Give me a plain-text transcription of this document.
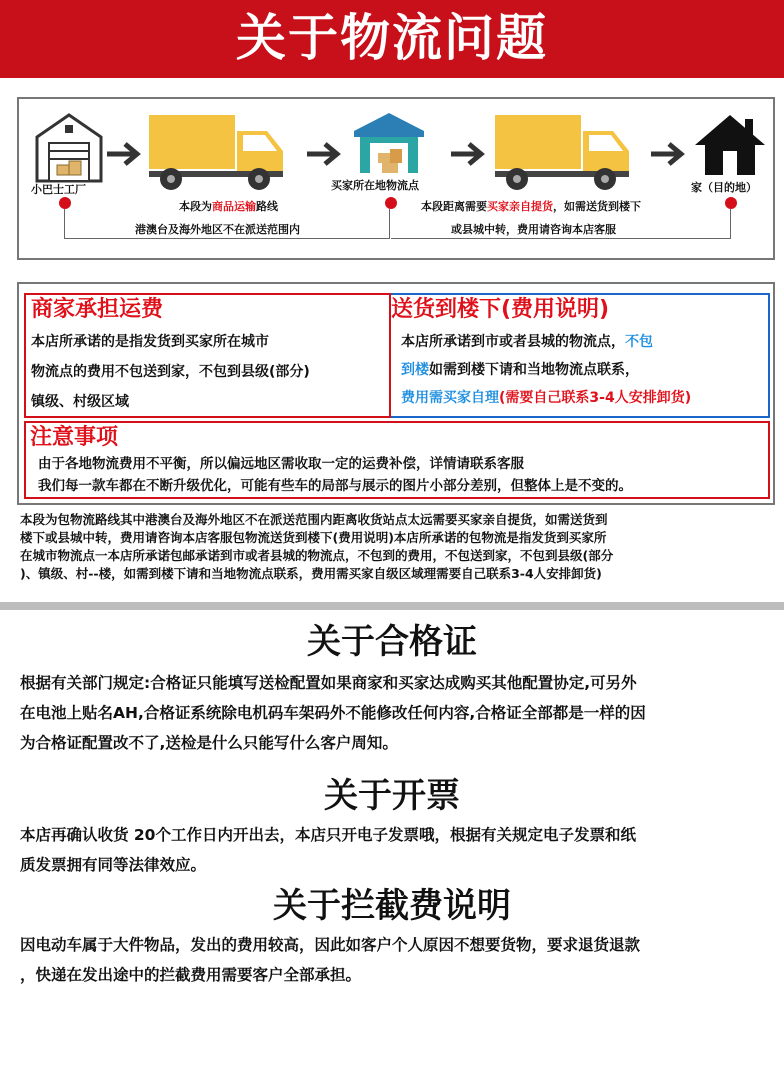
关于物流问题
小巴士工厂	买家所在地物流点	家（目的地）
本段为商品运输路线
港澳台及海外地区不在派送范围内
本段距离需要买家亲自提货，如需送货到楼下
或县城中转，费用请咨询本店客服
商家承担运费
本店所承诺的是指发货到买家所在城市
物流点的费用不包送到家，不包到县级(部分)
镇级、村级区域
送货到楼下(费用说明)
本店所承诺到市或者县城的物流点，不包
到楼如需到楼下请和当地物流点联系，
费用需买家自理(需要自己联系3-4人安排卸货)
注意事项
由于各地物流费用不平衡，所以偏远地区需收取一定的运费补偿，详情请联系客服
我们每一款车都在不断升级优化，可能有些车的局部与展示的图片小部分差别，但整体上是不变的。
本段为包物流路线其中港澳台及海外地区不在派送范围内距离收货站点太远需要买家亲自提货，如需送货到
楼下或县城中转，费用请咨询本店客服包物流送货到楼下(费用说明)本店所承诺的包物流是指发货到买家所
在城市物流点一本店所承诺包邮承诺到市或者县城的物流点，不包到的费用，不包送到家，不包到县级(部分
)、镇级、村--楼，如需到楼下请和当地物流点联系，费用需买家自级区域理需要自己联系3-4人安排卸货)
关于合格证
根据有关部门规定:合格证只能填写送检配置如果商家和买家达成购买其他配置协定,可另外
在电池上贴名AH,合格证系统除电机码车架码外不能修改任何内容,合格证全部都是一样的因
为合格证配置改不了,送检是什么只能写什么客户周知。
关于开票
本店再确认收货 20个工作日内开出去，本店只开电子发票哦，根据有关规定电子发票和纸
质发票拥有同等法律效应。
关于拦截费说明
因电动车属于大件物品，发出的费用较高，因此如客户个人原因不想要货物，要求退货退款
，快递在发出途中的拦截费用需要客户全部承担。
